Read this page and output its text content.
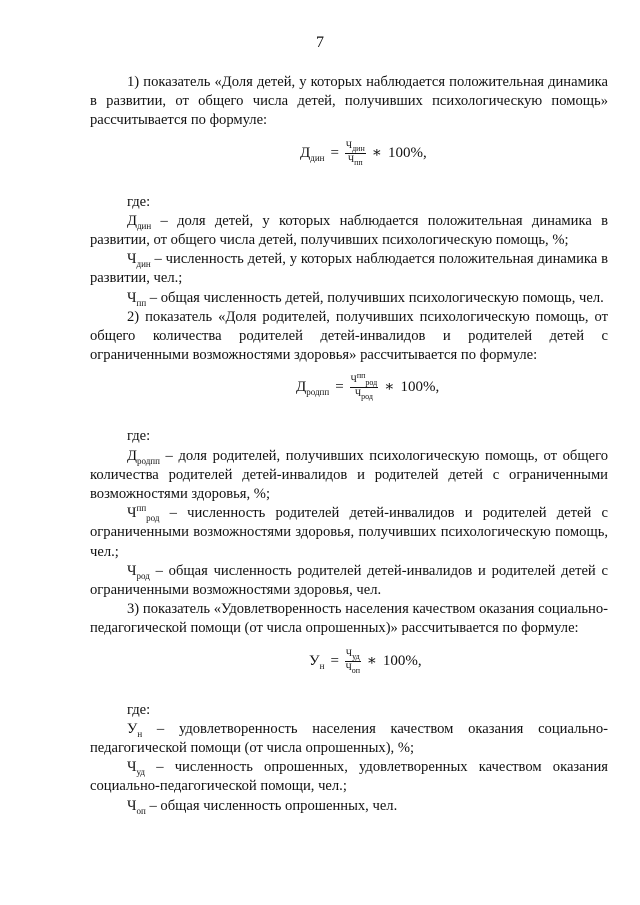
7

1) показатель «Доля детей, у которых наблюдается положительная динамика в развитии, от общего числа детей, получивших психологическую помощь» рассчитывается по формуле:

$Д_{дин} = \frac{Ч_{дин}}{Ч_{пп}}$ ∗ 100%,

где:

$Д_{дин}$ – доля детей, у которых наблюдается положительная динамика в развитии, от общего числа детей, получивших психологическую помощь, %;

$Ч_{дин}$ – численность детей, у которых наблюдается положительная динамика в развитии, чел.;

$Ч_{пп}$ – общая численность детей, получивших психологическую помощь, чел.

2) показатель «Доля родителей, получивших психологическую помощь, от общего количества родителей детей-инвалидов и родителей детей с ограниченными возможностями здоровья» рассчитывается по формуле:

$Д_{родпп} = \frac{Ч^{пп}_{род}}{Ч_{род}}$ ∗ 100%,

где:

$Д_{родпп}$ – доля родителей, получивших психологическую помощь, от общего количества родителей детей-инвалидов и родителей детей с ограниченными возможностями здоровья, %;

$Ч^{пп}_{род}$ – численность родителей детей-инвалидов и родителей детей с ограниченными возможностями здоровья, получивших психологическую помощь, чел.;

$Ч_{род}$ – общая численность родителей детей-инвалидов и родителей детей с ограниченными возможностями здоровья, чел.

3) показатель «Удовлетворенность населения качеством оказания социально-педагогической помощи (от числа опрошенных)» рассчитывается по формуле:

$У_н = \frac{Ч_{уд}}{Ч_{оп}}$ ∗ 100%,

где:

$У_н$ – удовлетворенность населения качеством оказания социально-педагогической помощи (от числа опрошенных), %;

$Ч_{уд}$ – численность опрошенных, удовлетворенных качеством оказания социально-педагогической помощи, чел.;

$Ч_{оп}$ – общая численность опрошенных, чел.
